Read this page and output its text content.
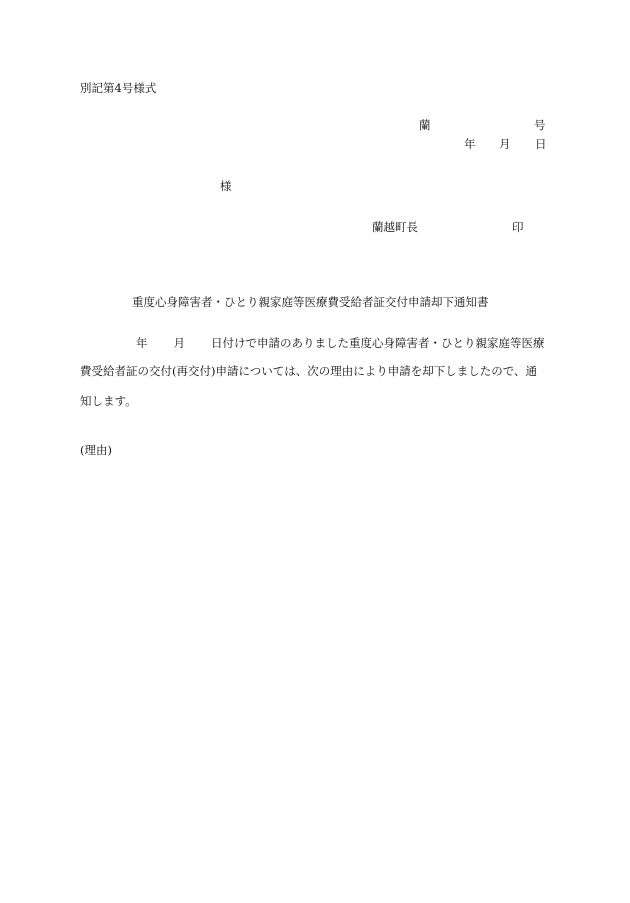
別記第4号様式
蘭	号
年 月 日
様
蘭越町長	印
重度心身障害者・ひとり親家庭等医療費受給者証交付申請却下通知書
年 月 日付けで申請のありました重度心身障害者・ひとり親家庭等医療
費受給者証の交付(再交付)申請については、次の理由により申請を却下しましたので、通
知します。
(理由)
